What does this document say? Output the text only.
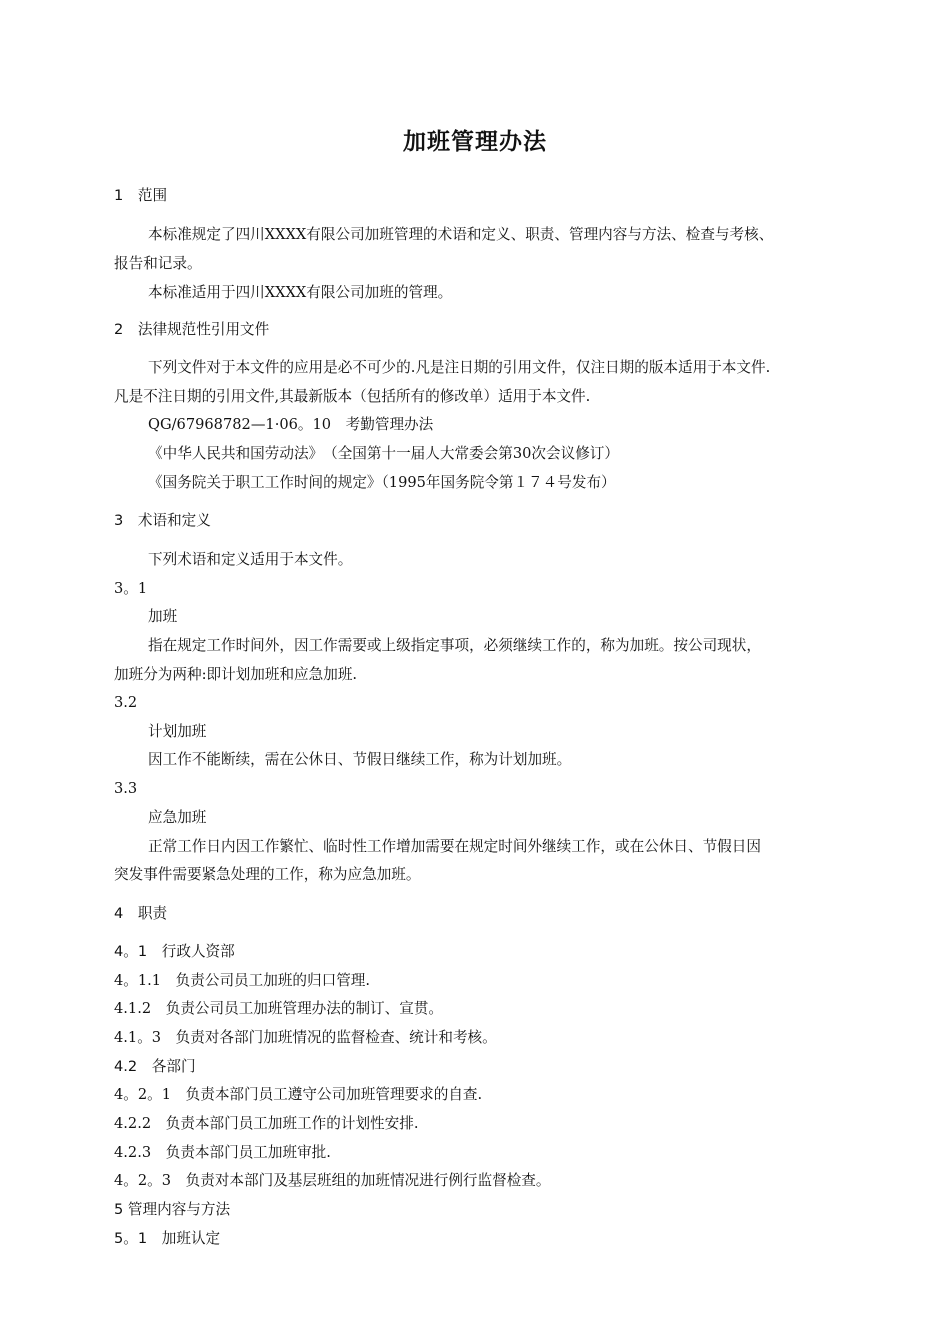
加班管理办法

1　范围

本标准规定了四川XXXX有限公司加班管理的术语和定义、职责、管理内容与方法、检查与考核、

报告和记录。

本标准适用于四川XXXX有限公司加班的管理。

2　法律规范性引用文件

下列文件对于本文件的应用是必不可少的.凡是注日期的引用文件，仅注日期的版本适用于本文件.

凡是不注日期的引用文件,其最新版本（包括所有的修改单）适用于本文件.

QG/67968782—1·06。10　考勤管理办法

《中华人民共和国劳动法》　（全国第十一届人大常委会第30次会议修订）

《国务院关于职工工作时间的规定》（1995年国务院令第１７４号发布）

3　术语和定义

下列术语和定义适用于本文件。

3。1

加班

指在规定工作时间外，因工作需要或上级指定事项，必须继续工作的，称为加班。按公司现状，

加班分为两种:即计划加班和应急加班.

3.2

计划加班

因工作不能断续，需在公休日、节假日继续工作，称为计划加班。

3.3

应急加班

正常工作日内因工作繁忙、临时性工作增加需要在规定时间外继续工作，或在公休日、节假日因

突发事件需要紧急处理的工作，称为应急加班。

4　职责

4。1　行政人资部

4。1.1　负责公司员工加班的归口管理.

4.1.2　负责公司员工加班管理办法的制订、宣贯。

4.1。3　负责对各部门加班情况的监督检查、统计和考核。

4.2　各部门

4。2。1　负责本部门员工遵守公司加班管理要求的自查.

4.2.2　负责本部门员工加班工作的计划性安排.

4.2.3　负责本部门员工加班审批.

4。2。3　负责对本部门及基层班组的加班情况进行例行监督检查。

5 管理内容与方法

5。1　加班认定
